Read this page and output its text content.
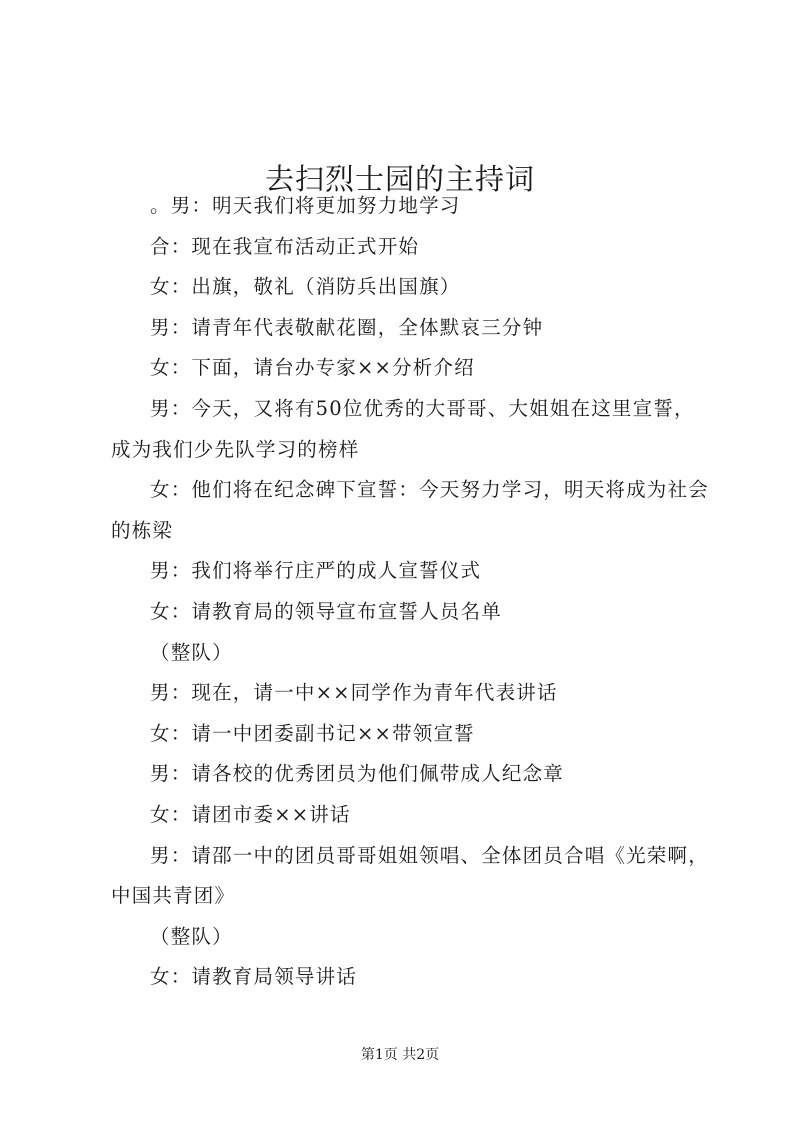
去扫烈士园的主持词

。男：明天我们将更加努力地学习

合：现在我宣布活动正式开始

女：出旗，敬礼（消防兵出国旗）

男：请青年代表敬献花圈，全体默哀三分钟

女：下面，请台办专家××分析介绍

男：今天，又将有50位优秀的大哥哥、大姐姐在这里宣誓，成为我们少先队学习的榜样

女：他们将在纪念碑下宣誓：今天努力学习，明天将成为社会的栋梁

男：我们将举行庄严的成人宣誓仪式

女：请教育局的领导宣布宣誓人员名单

（整队）

男：现在，请一中××同学作为青年代表讲话

女：请一中团委副书记××带领宣誓

男：请各校的优秀团员为他们佩带成人纪念章

女：请团市委××讲话

男：请邵一中的团员哥哥姐姐领唱、全体团员合唱《光荣啊，中国共青团》

（整队）

女：请教育局领导讲话

第1页 共2页
